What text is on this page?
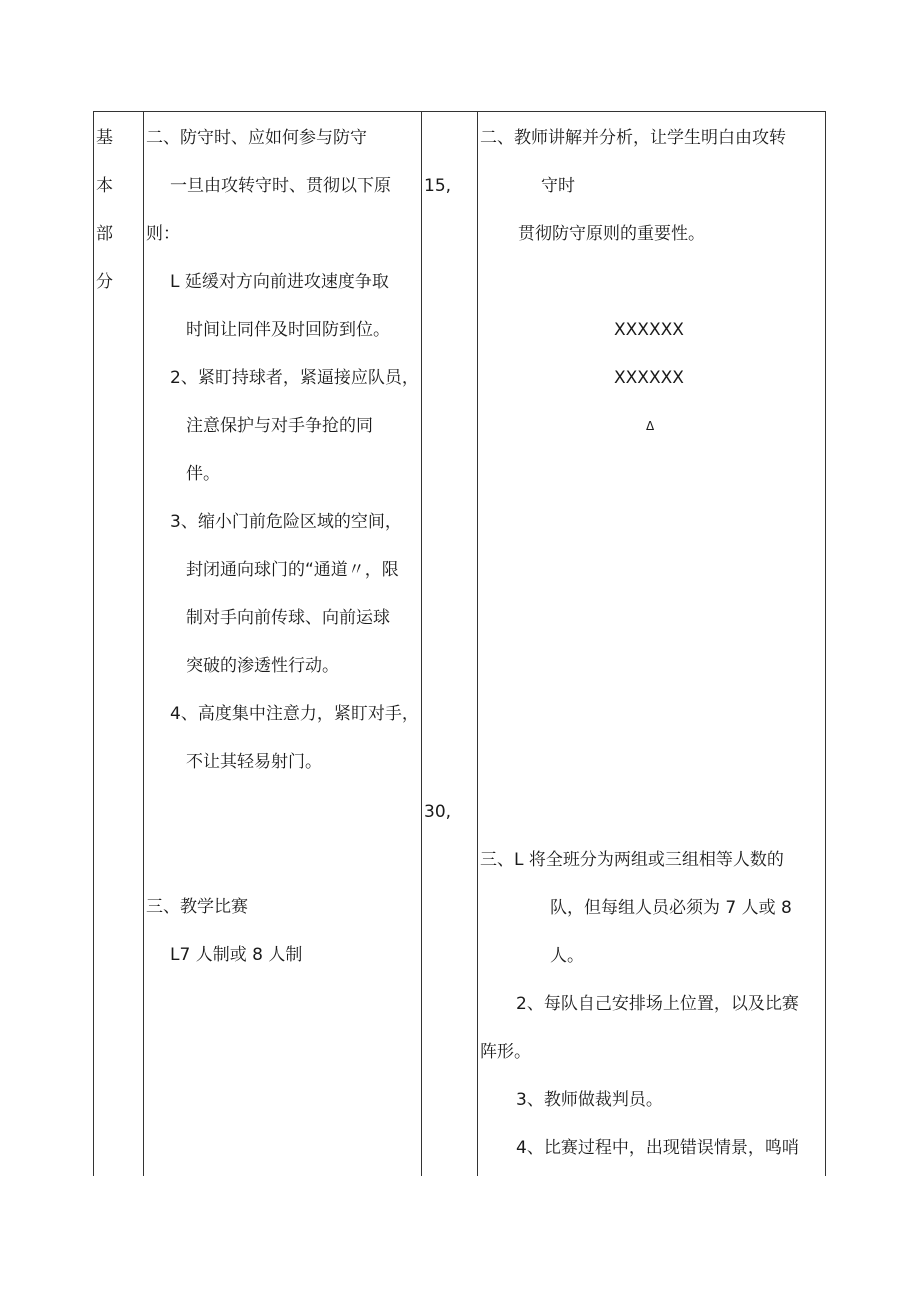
基
本
部
分
二、防守时、应如何参与防守
一旦由攻转守时、贯彻以下原
则：
L 延缓对方向前进攻速度争取
时间让同伴及时回防到位。
2、紧盯持球者，紧逼接应队员，
注意保护与对手争抢的同
伴。
3、缩小门前危险区域的空间，
封闭通向球门的“通道〃，限
制对手向前传球、向前运球
突破的渗透性行动。
4、高度集中注意力，紧盯对手，
不让其轻易射门。
三、教学比赛
L7 人制或 8 人制
15,
30,
二、教师讲解并分析，让学生明白由攻转
守时
贯彻防守原则的重要性。
XXXXXX
XXXXXX
Δ
三、L 将全班分为两组或三组相等人数的
队，但每组人员必须为 7 人或 8
人。
2、每队自己安排场上位置，以及比赛
阵形。
3、教师做裁判员。
4、比赛过程中，出现错误情景，鸣哨
